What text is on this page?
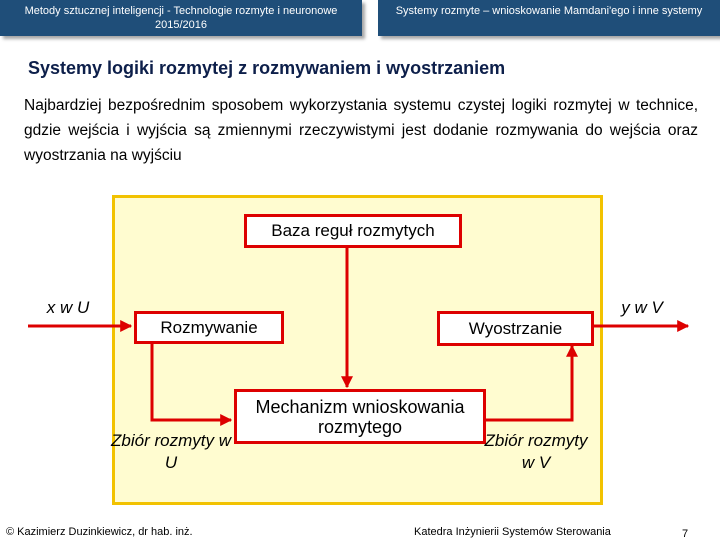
Metody sztucznej inteligencji - Technologie rozmyte i neuronowe 2015/2016
Systemy rozmyte – wnioskowanie Mamdani'ego i inne systemy
Systemy logiki rozmytej z rozmywaniem i wyostrzaniem
Najbardziej bezpośrednim sposobem wykorzystania systemu czystej logiki rozmytej w technice, gdzie wejścia i wyjścia są zmiennymi rzeczywistymi jest dodanie rozmywania do wejścia oraz wyostrzania na wyjściu
Baza reguł rozmytych
Rozmywanie	Wyostrzanie
Mechanizm wnioskowania rozmytego
x w U	y w V
Zbiór rozmyty w U
Zbiór rozmyty w V
© Kazimierz Duzinkiewicz, dr hab. inż.	Katedra Inżynierii Systemów Sterowania	7
